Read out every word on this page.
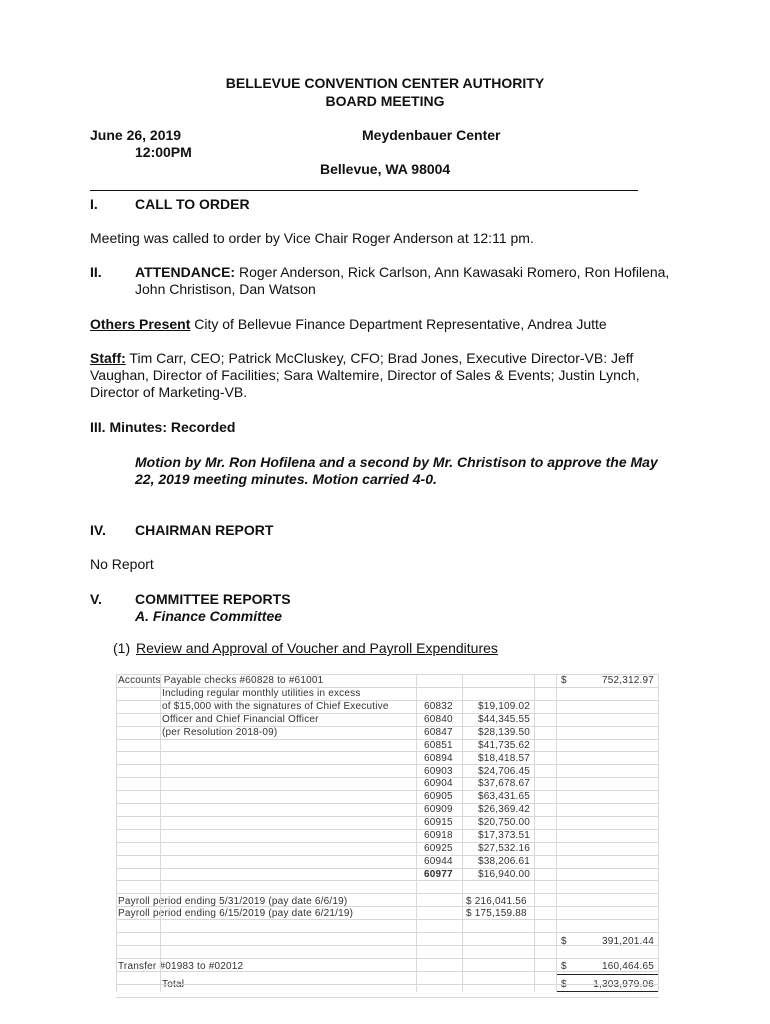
BELLEVUE CONVENTION CENTER AUTHORITY
BOARD MEETING
June 26, 2019
12:00PM
Meydenbauer Center
Bellevue, WA 98004
I.	CALL TO ORDER
Meeting was called to order by Vice Chair Roger Anderson at 12:11 pm.
II. ATTENDANCE: Roger Anderson, Rick Carlson, Ann Kawasaki Romero, Ron Hofilena,
John Christison, Dan Watson
Others Present City of Bellevue Finance Department Representative, Andrea Jutte
Staff: Tim Carr, CEO; Patrick McCluskey, CFO; Brad Jones, Executive Director-VB: Jeff
Vaughan, Director of Facilities; Sara Waltemire, Director of Sales & Events; Justin Lynch,
Director of Marketing-VB.
III. Minutes: Recorded
Motion by Mr. Ron Hofilena and a second by Mr. Christison to approve the May
22, 2019 meeting minutes. Motion carried 4-0.
IV. CHAIRMAN REPORT
No Report
V. COMMITTEE REPORTS
A. Finance Committee
(1) Review and Approval of Voucher and Payroll Expenditures
Accounts Payable checks #60828 to #61001	$	752,312.97
Including regular monthly utilities in excess
of $15,000 with the signatures of Chief Executive
Officer and Chief Financial Officer
(per Resolution 2018-09)
60832	$19,109.02
60840	$44,345.55
60847	$28,139.50
60851	$41,735.62
60894	$18,418.57
60903	$24,706.45
60904	$37,678.67
60905	$63,431.65
60909	$26,369.42
60915	$20,750.00
60918	$17,373.51
60925	$27,532.16
60944	$38,206.61
60977	$16,940.00
Payroll period ending 5/31/2019 (pay date 6/6/19)	$ 216,041.56
Payroll period ending 6/15/2019 (pay date 6/21/19)	$ 175,159.88
$	391,201.44
Transfer #01983 to #02012	$	160,464.65
Total	$	1,303,979.06
